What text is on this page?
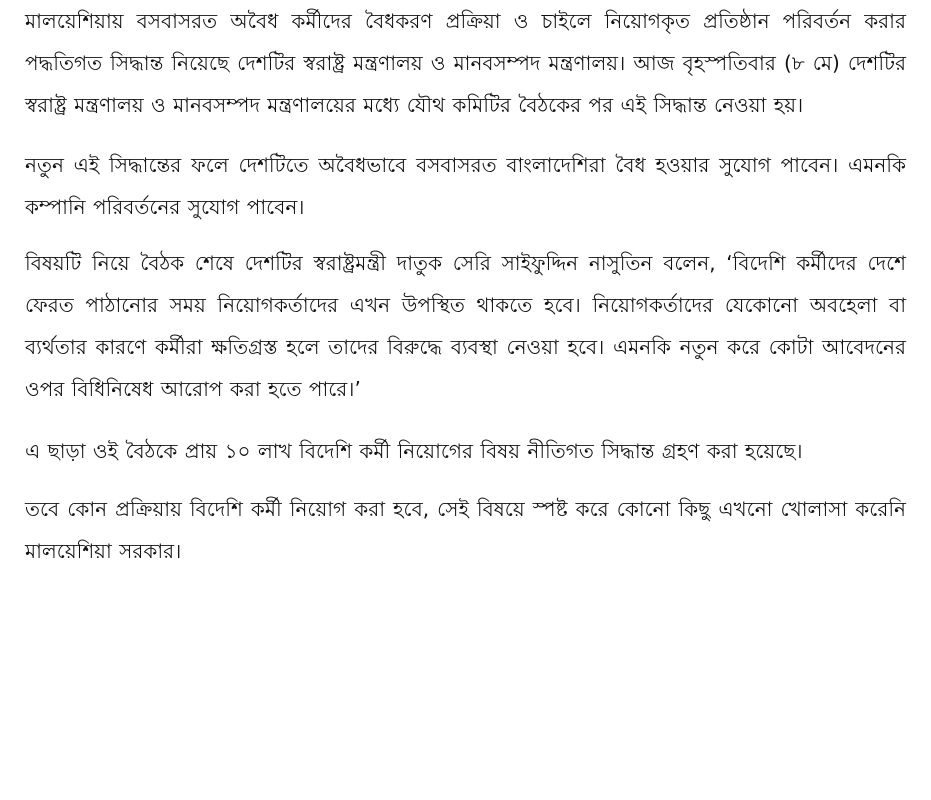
মালয়েশিয়ায় বসবাসরত অবৈধ কর্মীদের বৈধকরণ প্রক্রিয়া ও চাইলে নিয়োগকৃত প্রতিষ্ঠান পরিবর্তন করার পদ্ধতিগত সিদ্ধান্ত নিয়েছে দেশটির স্বরাষ্ট্র মন্ত্রণালয় ও মানবসম্পদ মন্ত্রণালয়। আজ বৃহস্পতিবার (৮ মে) দেশটির স্বরাষ্ট্র মন্ত্রণালয় ও মানবসম্পদ মন্ত্রণালয়ের মধ্যে যৌথ কমিটির বৈঠকের পর এই সিদ্ধান্ত নেওয়া হয়।

নতুন এই সিদ্ধান্তের ফলে দেশটিতে অবৈধভাবে বসবাসরত বাংলাদেশিরা বৈধ হওয়ার সুযোগ পাবেন। এমনকি কম্পানি পরিবর্তনের সুযোগ পাবেন।

বিষয়টি নিয়ে বৈঠক শেষে দেশটির স্বরাষ্ট্রমন্ত্রী দাতুক সেরি সাইফুদ্দিন নাসুতিন বলেন, ‘বিদেশি কর্মীদের দেশে ফেরত পাঠানোর সময় নিয়োগকর্তাদের এখন উপস্থিত থাকতে হবে। নিয়োগকর্তাদের যেকোনো অবহেলা বা ব্যর্থতার কারণে কর্মীরা ক্ষতিগ্রস্ত হলে তাদের বিরুদ্ধে ব্যবস্থা নেওয়া হবে। এমনকি নতুন করে কোটা আবেদনের ওপর বিধিনিষেধ আরোপ করা হতে পারে।’

এ ছাড়া ওই বৈঠকে প্রায় ১০ লাখ বিদেশি কর্মী নিয়োগের বিষয় নীতিগত সিদ্ধান্ত গ্রহণ করা হয়েছে।

তবে কোন প্রক্রিয়ায় বিদেশি কর্মী নিয়োগ করা হবে, সেই বিষয়ে স্পষ্ট করে কোনো কিছু এখনো খোলাসা করেনি মালয়েশিয়া সরকার।
